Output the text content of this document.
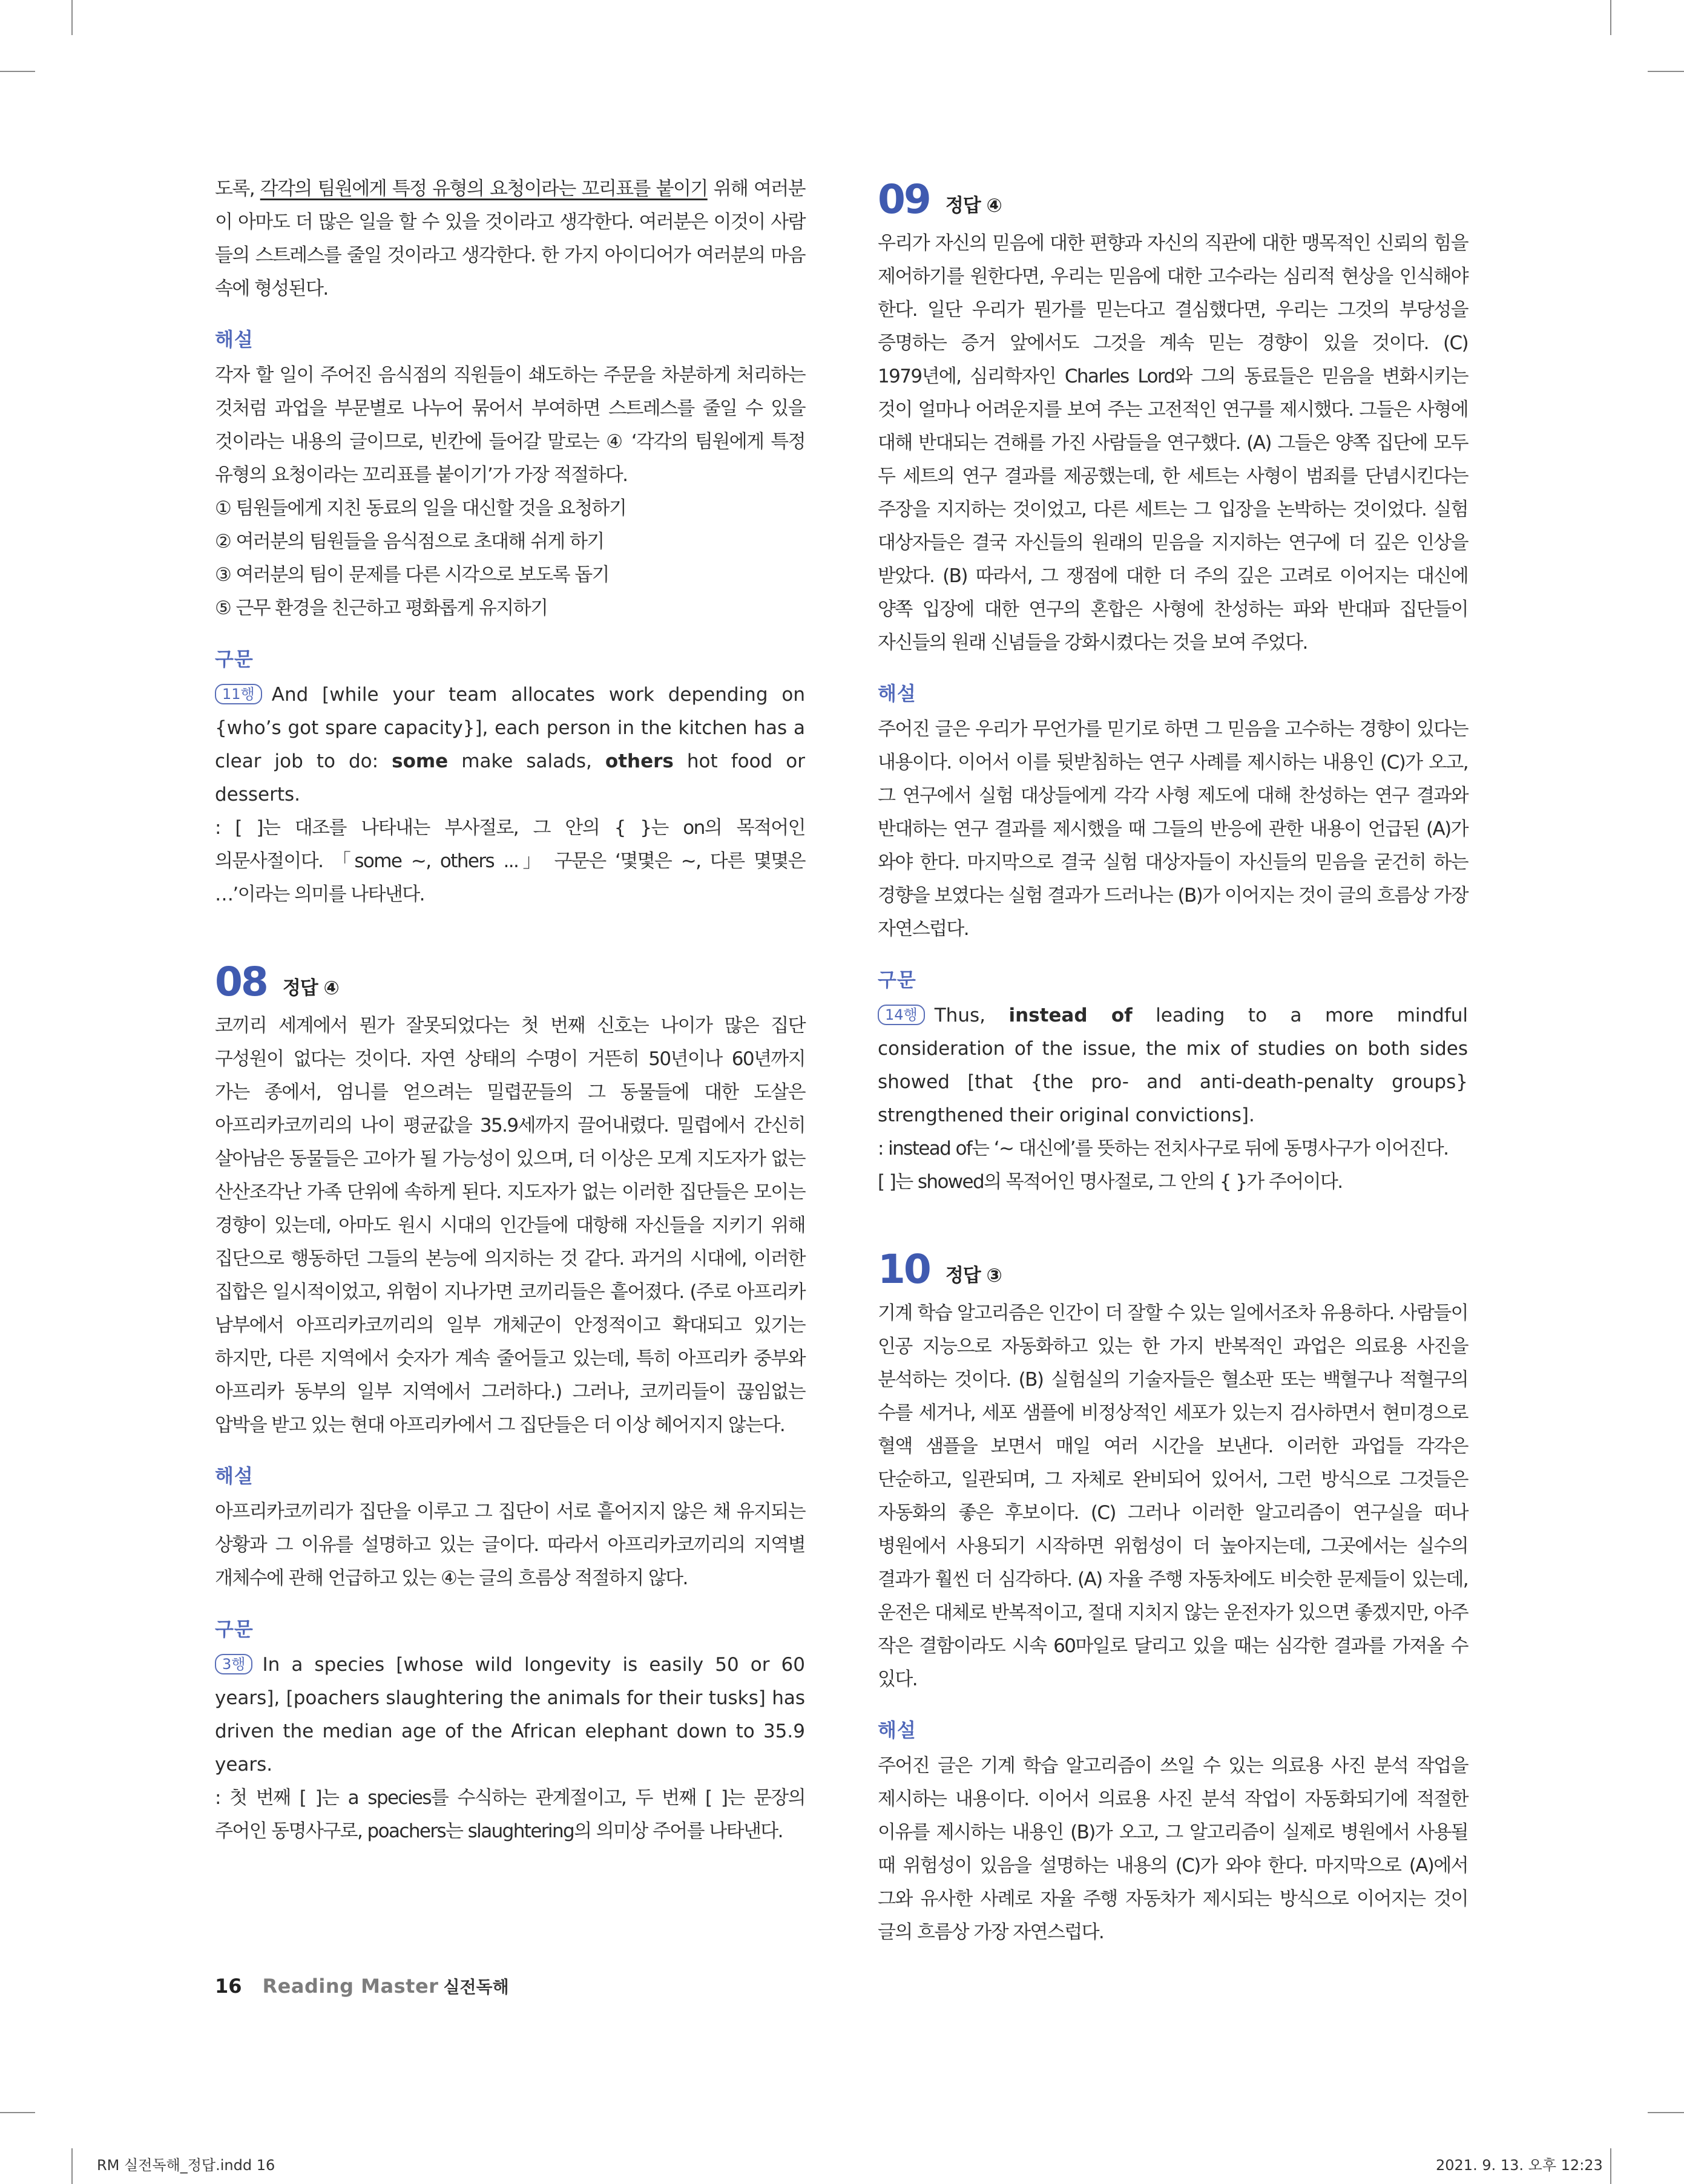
도록, 각각의 팀원에게 특정 유형의 요청이라는 꼬리표를 붙이기 위해 여러분 이 아마도 더 많은 일을 할 수 있을 것이라고 생각한다. 여러분은 이것이 사람 들의 스트레스를 줄일 것이라고 생각한다. 한 가지 아이디어가 여러분의 마음 속에 형성된다.

해설

각자 할 일이 주어진 음식점의 직원들이 쇄도하는 주문을 차분하게 처리하는 것처럼 과업을 부문별로 나누어 묶어서 부여하면 스트레스를 줄일 수 있을 것이라는 내용의 글이므로, 빈칸에 들어갈 말로는 ④ ‘각각의 팀원에게 특정 유형의 요청이라는 꼬리표를 붙이기’가 가장 적절하다.

① 팀원들에게 지친 동료의 일을 대신할 것을 요청하기
② 여러분의 팀원들을 음식점으로 초대해 쉬게 하기
③ 여러분의 팀이 문제를 다른 시각으로 보도록 돕기
⑤ 근무 환경을 친근하고 평화롭게 유지하기
구문

11행 And [while your team allocates work depending on {who’s got spare capacity}], each person in the kitchen has a clear job to do: some make salads, others hot food or desserts.

: [ ]는 대조를 나타내는 부사절로, 그 안의 { }는 on의 목적어인 의문사절이다. 「some ~, others ...」 구문은 ‘몇몇은 ~, 다른 몇몇은 …’이라는 의미를 나타낸다.

08 정답 ④

코끼리 세계에서 뭔가 잘못되었다는 첫 번째 신호는 나이가 많은 집단 구성원이 없다는 것이다. 자연 상태의 수명이 거뜬히 50년이나 60년까지 가는 종에서, 엄니를 얻으려는 밀렵꾼들의 그 동물들에 대한 도살은 아프리카코끼리의 나이 평균값을 35.9세까지 끌어내렸다. 밀렵에서 간신히 살아남은 동물들은 고아가 될 가능성이 있으며, 더 이상은 모계 지도자가 없는 산산조각난 가족 단위에 속하게 된다. 지도자가 없는 이러한 집단들은 모이는 경향이 있는데, 아마도 원시 시대의 인간들에 대항해 자신들을 지키기 위해 집단으로 행동하던 그들의 본능에 의지하는 것 같다. 과거의 시대에, 이러한 집합은 일시적이었고, 위험이 지나가면 코끼리들은 흩어졌다. (주로 아프리카 남부에서 아프리카코끼리의 일부 개체군이 안정적이고 확대되고 있기는 하지만, 다른 지역에서 숫자가 계속 줄어들고 있는데, 특히 아프리카 중부와 아프리카 동부의 일부 지역에서 그러하다.) 그러나, 코끼리들이 끊임없는 압박을 받고 있는 현대 아프리카에서 그 집단들은 더 이상 헤어지지 않는다.

해설

아프리카코끼리가 집단을 이루고 그 집단이 서로 흩어지지 않은 채 유지되는 상황과 그 이유를 설명하고 있는 글이다. 따라서 아프리카코끼리의 지역별 개체수에 관해 언급하고 있는 ④는 글의 흐름상 적절하지 않다.

구문

3행 In a species [whose wild longevity is easily 50 or 60 years], [poachers slaughtering the animals for their tusks] has driven the median age of the African elephant down to 35.9 years.

: 첫 번째 [ ]는 a species를 수식하는 관계절이고, 두 번째 [ ]는 문장의 주어인 동명사구로, poachers는 slaughtering의 의미상 주어를 나타낸다.

09 정답 ④

우리가 자신의 믿음에 대한 편향과 자신의 직관에 대한 맹목적인 신뢰의 힘을 제어하기를 원한다면, 우리는 믿음에 대한 고수라는 심리적 현상을 인식해야 한다. 일단 우리가 뭔가를 믿는다고 결심했다면, 우리는 그것의 부당성을 증명하는 증거 앞에서도 그것을 계속 믿는 경향이 있을 것이다. (C) 1979년에, 심리학자인 Charles Lord와 그의 동료들은 믿음을 변화시키는 것이 얼마나 어려운지를 보여 주는 고전적인 연구를 제시했다. 그들은 사형에 대해 반대되는 견해를 가진 사람들을 연구했다. (A) 그들은 양쪽 집단에 모두 두 세트의 연구 결과를 제공했는데, 한 세트는 사형이 범죄를 단념시킨다는 주장을 지지하는 것이었고, 다른 세트는 그 입장을 논박하는 것이었다. 실험 대상자들은 결국 자신들의 원래의 믿음을 지지하는 연구에 더 깊은 인상을 받았다. (B) 따라서, 그 쟁점에 대한 더 주의 깊은 고려로 이어지는 대신에 양쪽 입장에 대한 연구의 혼합은 사형에 찬성하는 파와 반대파 집단들이 자신들의 원래 신념들을 강화시켰다는 것을 보여 주었다.

해설

주어진 글은 우리가 무언가를 믿기로 하면 그 믿음을 고수하는 경향이 있다는 내용이다. 이어서 이를 뒷받침하는 연구 사례를 제시하는 내용인 (C)가 오고, 그 연구에서 실험 대상들에게 각각 사형 제도에 대해 찬성하는 연구 결과와 반대하는 연구 결과를 제시했을 때 그들의 반응에 관한 내용이 언급된 (A)가 와야 한다. 마지막으로 결국 실험 대상자들이 자신들의 믿음을 굳건히 하는 경향을 보였다는 실험 결과가 드러나는 (B)가 이어지는 것이 글의 흐름상 가장 자연스럽다.

구문

14행 Thus, instead of leading to a more mindful consideration of the issue, the mix of studies on both sides showed [that {the pro- and anti-death-penalty groups} strengthened their original convictions].

: instead of는 ‘~ 대신에’를 뜻하는 전치사구로 뒤에 동명사구가 이어진다.

[ ]는 showed의 목적어인 명사절로, 그 안의 { }가 주어이다.

10 정답 ③

기계 학습 알고리즘은 인간이 더 잘할 수 있는 일에서조차 유용하다. 사람들이 인공 지능으로 자동화하고 있는 한 가지 반복적인 과업은 의료용 사진을 분석하는 것이다. (B) 실험실의 기술자들은 혈소판 또는 백혈구나 적혈구의 수를 세거나, 세포 샘플에 비정상적인 세포가 있는지 검사하면서 현미경으로 혈액 샘플을 보면서 매일 여러 시간을 보낸다. 이러한 과업들 각각은 단순하고, 일관되며, 그 자체로 완비되어 있어서, 그런 방식으로 그것들은 자동화의 좋은 후보이다. (C) 그러나 이러한 알고리즘이 연구실을 떠나 병원에서 사용되기 시작하면 위험성이 더 높아지는데, 그곳에서는 실수의 결과가 훨씬 더 심각하다. (A) 자율 주행 자동차에도 비슷한 문제들이 있는데, 운전은 대체로 반복적이고, 절대 지치지 않는 운전자가 있으면 좋겠지만, 아주 작은 결함이라도 시속 60마일로 달리고 있을 때는 심각한 결과를 가져올 수 있다.

해설

주어진 글은 기계 학습 알고리즘이 쓰일 수 있는 의료용 사진 분석 작업을 제시하는 내용이다. 이어서 의료용 사진 분석 작업이 자동화되기에 적절한 이유를 제시하는 내용인 (B)가 오고, 그 알고리즘이 실제로 병원에서 사용될 때 위험성이 있음을 설명하는 내용의 (C)가 와야 한다. 마지막으로 (A)에서 그와 유사한 사례로 자율 주행 자동차가 제시되는 방식으로 이어지는 것이 글의 흐름상 가장 자연스럽다.

16 Reading Master 실전독해
RM 실전독해_정답.indd 16	2021. 9. 13. 오후 12:23
